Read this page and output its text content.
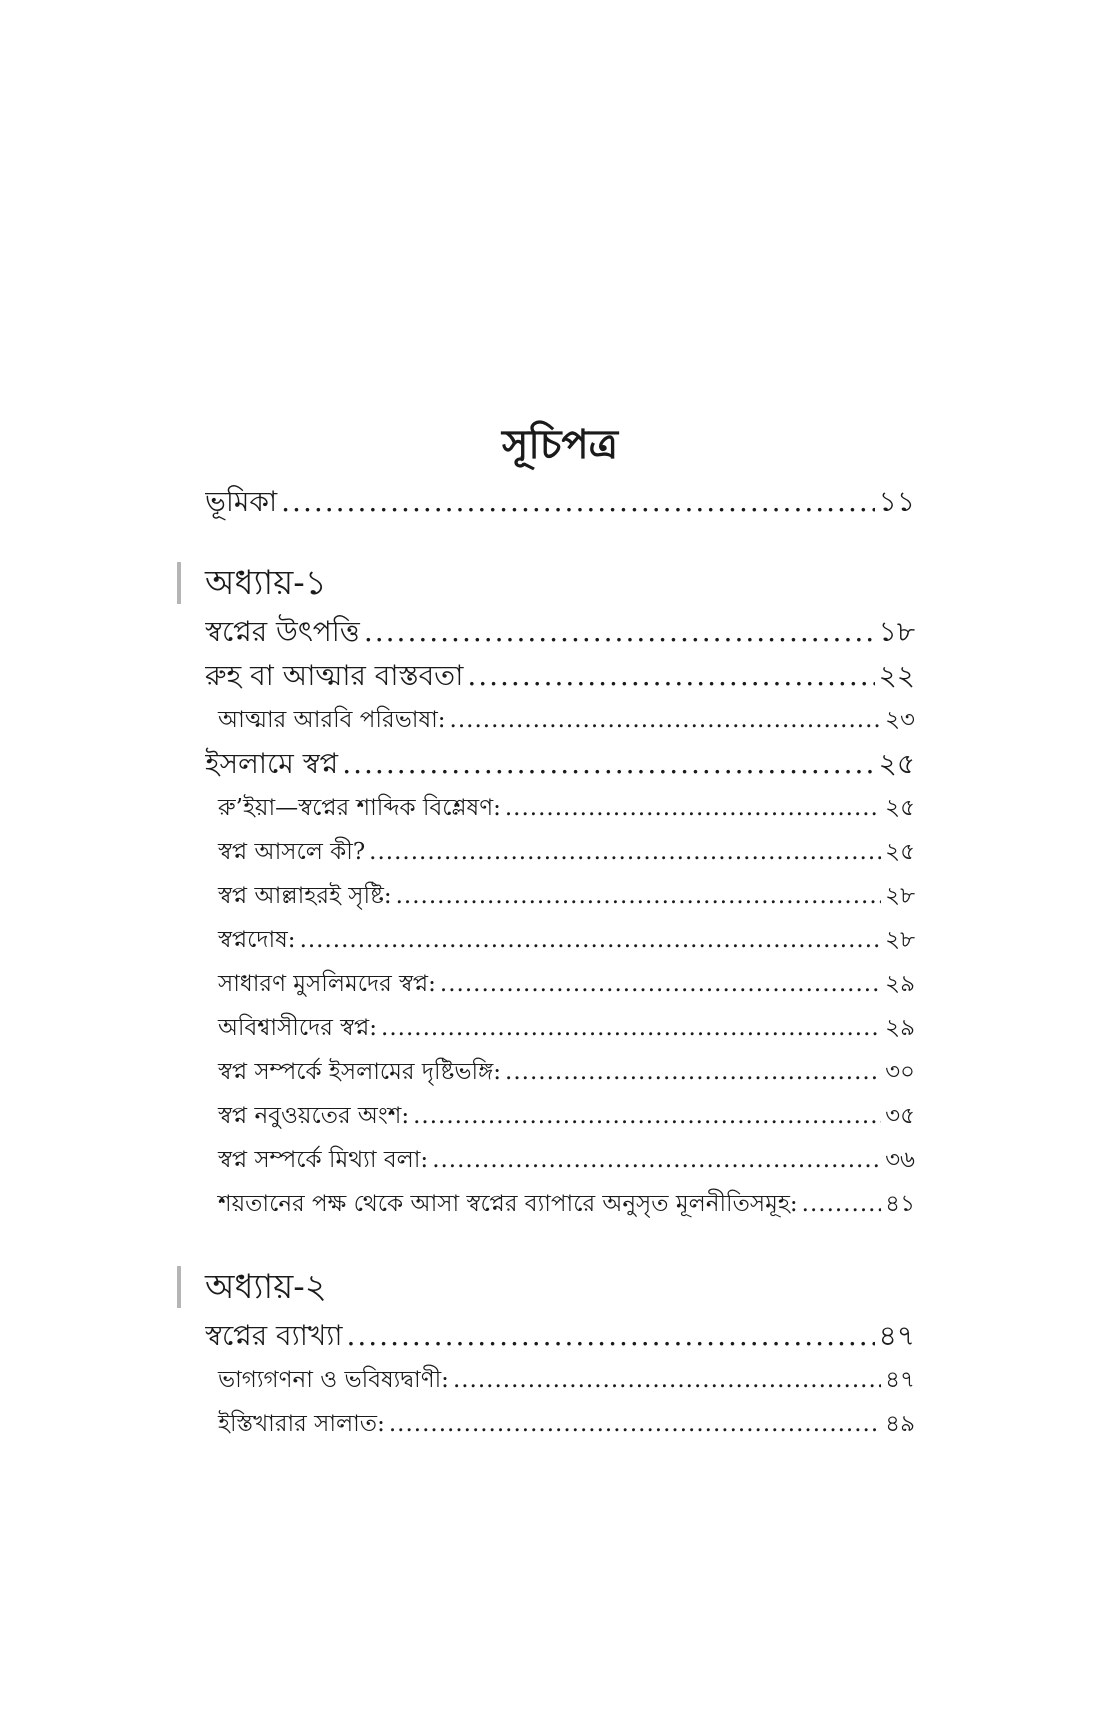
সূচিপত্র
ভূমিকা .....	১১
অধ্যায়-১
স্বপ্নের উৎপত্তি .....	১৮
রুহ বা আত্মার বাস্তবতা .....	২২
আত্মার আরবি পরিভাষা: .....	২৩
ইসলামে স্বপ্ন .....	২৫
রু’ইয়া—স্বপ্নের শাব্দিক বিশ্লেষণ: .....	২৫
স্বপ্ন আসলে কী? .....	২৫
স্বপ্ন আল্লাহরই সৃষ্টি: .....	২৮
স্বপ্নদোষ: .....	২৮
সাধারণ মুসলিমদের স্বপ্ন: .....	২৯
অবিশ্বাসীদের স্বপ্ন: .....	২৯
স্বপ্ন সম্পর্কে ইসলামের দৃষ্টিভঙ্গি: .....	৩০
স্বপ্ন নবুওয়তের অংশ: .....	৩৫
স্বপ্ন সম্পর্কে মিথ্যা বলা: .....	৩৬
শয়তানের পক্ষ থেকে আসা স্বপ্নের ব্যাপারে অনুসৃত মূলনীতিসমূহ: .....	৪১
অধ্যায়-২
স্বপ্নের ব্যাখ্যা .....	৪৭
ভাগ্যগণনা ও ভবিষ্যদ্বাণী: .....	৪৭
ইস্তিখারার সালাত: .....	৪৯
